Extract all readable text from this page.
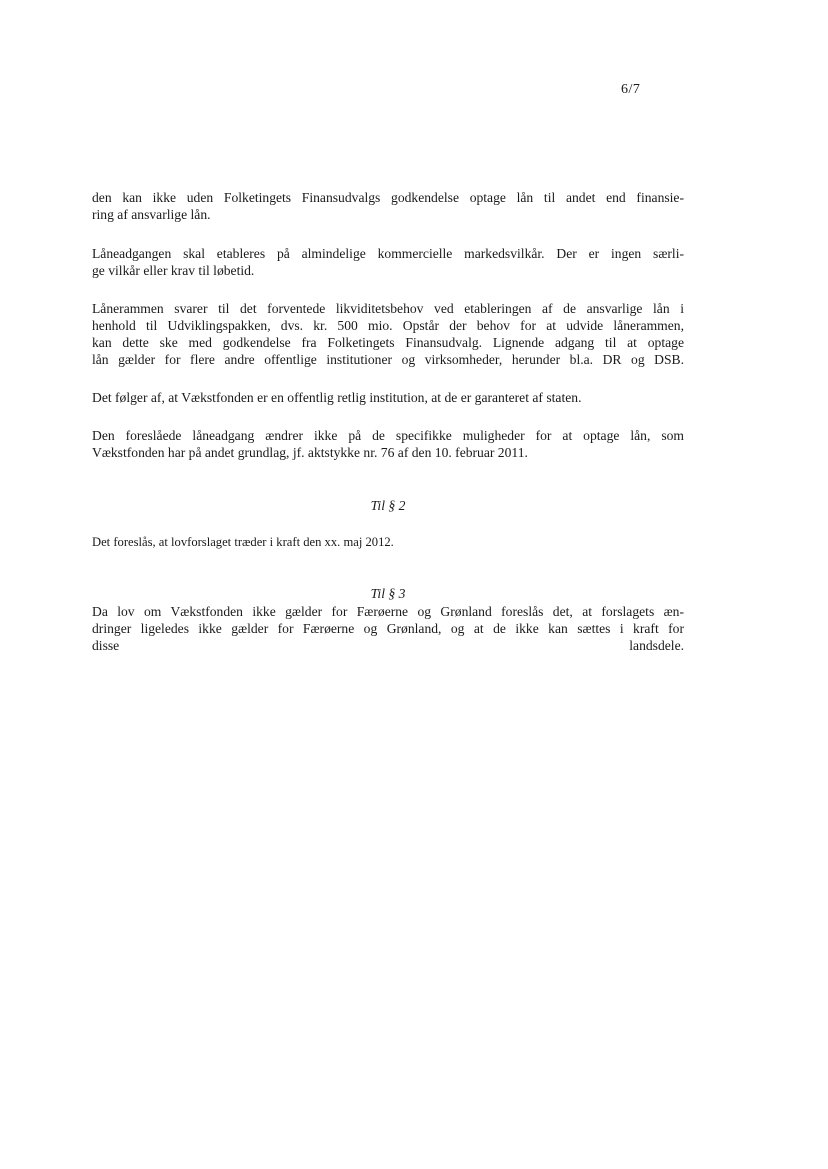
6/7
den kan ikke uden Folketingets Finansudvalgs godkendelse optage lån til andet end finansie-
ring af ansvarlige lån.
Låneadgangen skal etableres på almindelige kommercielle markedsvilkår. Der er ingen særli-
ge vilkår eller krav til løbetid.
Lånerammen svarer til det forventede likviditetsbehov ved etableringen af de ansvarlige lån i
henhold til Udviklingspakken, dvs. kr. 500 mio. Opstår der behov for at udvide lånerammen,
kan dette ske med godkendelse fra Folketingets Finansudvalg. Lignende adgang til at optage
lån gælder for flere andre offentlige institutioner og virksomheder, herunder bl.a. DR og DSB.
Det følger af, at Vækstfonden er en offentlig retlig institution, at de er garanteret af staten.
Den foreslåede låneadgang ændrer ikke på de specifikke muligheder for at optage lån, som
Vækstfonden har på andet grundlag, jf. aktstykke nr. 76 af den 10. februar 2011.
Til § 2
Det foreslås, at lovforslaget træder i kraft den xx. maj 2012.
Til § 3
Da lov om Vækstfonden ikke gælder for Færøerne og Grønland foreslås det, at forslagets æn-
dringer ligeledes ikke gælder for Færøerne og Grønland, og at de ikke kan sættes i kraft for

disse	landsdele.
